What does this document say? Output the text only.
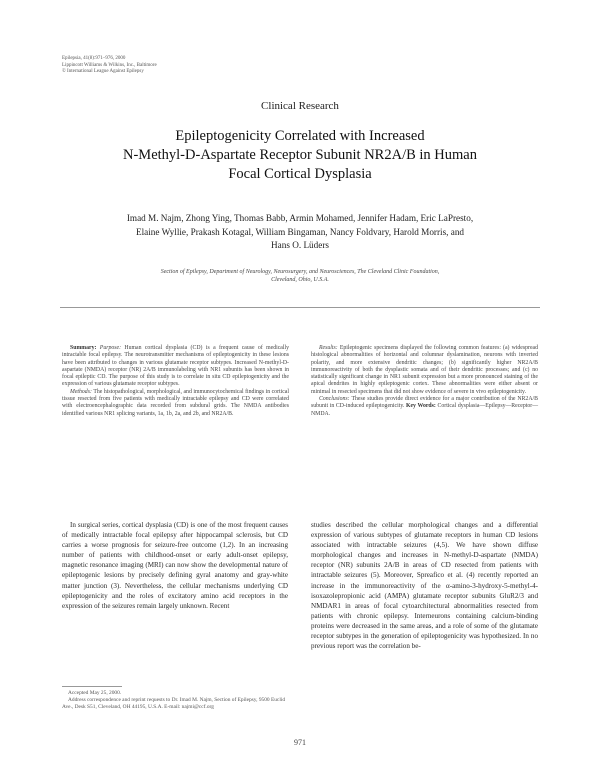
Epilepsia, 41(8):971–976, 2000
Lippincott Williams & Wilkins, Inc., Baltimore
© International League Against Epilepsy
Clinical Research
Epileptogenicity Correlated with Increased
N-Methyl-D-Aspartate Receptor Subunit NR2A/B in Human
Focal Cortical Dysplasia
Imad M. Najm, Zhong Ying, Thomas Babb, Armin Mohamed, Jennifer Hadam, Eric LaPresto,
Elaine Wyllie, Prakash Kotagal, William Bingaman, Nancy Foldvary, Harold Morris, and
Hans O. Lüders
Section of Epilepsy, Department of Neurology, Neurosurgery, and Neurosciences, The Cleveland Clinic Foundation,
Cleveland, Ohio, U.S.A.

Summary: Purpose: Human cortical dysplasia (CD) is a frequent cause of medically intractable focal epilepsy. The neurotransmitter mechanisms of epileptogenicity in these lesions have been attributed to changes in various glutamate receptor subtypes. Increased N-methyl-D-aspartate (NMDA) receptor (NR) 2A/B immunolabeling with NR1 subunits has been shown in focal epileptic CD. The purpose of this study is to correlate in situ CD epileptogenicity and the expression of various glutamate receptor subtypes.

Methods: The histopathological, morphological, and immunocytochemical findings in cortical tissue resected from five patients with medically intractable epilepsy and CD were correlated with electroencephalographic data recorded from subdural grids. The NMDA antibodies identified various NR1 splicing variants, 1a, 1b, 2a, and 2b, and NR2A/B.

Results: Epileptogenic specimens displayed the following common features: (a) widespread histological abnormalities of horizontal and columnar dyslamination, neurons with inverted polarity, and more extensive dendritic changes; (b) significantly higher NR2A/B immunoreactivity of both the dysplastic somata and of their dendritic processes; and (c) no statistically significant change in NR1 subunit expression but a more pronounced staining of the apical dendrites in highly epileptogenic cortex. These abnormalities were either absent or minimal in resected specimens that did not show evidence of severe in vivo epileptogenicity.

Conclusions: These studies provide direct evidence for a major contribution of the NR2A/B subunit in CD-induced epileptogenicity. Key Words: Cortical dysplasia—Epilepsy—Receptor—NMDA.

In surgical series, cortical dysplasia (CD) is one of the most frequent causes of medically intractable focal epilepsy after hippocampal sclerosis, but CD carries a worse prognosis for seizure-free outcome (1,2). In an increasing number of patients with childhood-onset or early adult-onset epilepsy, magnetic resonance imaging (MRI) can now show the developmental nature of epileptogenic lesions by precisely defining gyral anatomy and gray-white matter junction (3). Nevertheless, the cellular mechanisms underlying CD epileptogenicity and the roles of excitatory amino acid receptors in the expression of the seizures remain largely unknown. Recent

studies described the cellular morphological changes and a differential expression of various subtypes of glutamate receptors in human CD lesions associated with intractable seizures (4,5). We have shown diffuse morphological changes and increases in N-methyl-D-aspartate (NMDA) receptor (NR) subunits 2A/B in areas of CD resected from patients with intractable seizures (5). Moreover, Spreafico et al. (4) recently reported an increase in the immunoreactivity of the α-amino-3-hydroxy-5-methyl-4-isoxazolepropionic acid (AMPA) glutamate receptor subunits GluR2/3 and NMDAR1 in areas of focal cytoarchitectural abnormalities resected from patients with chronic epilepsy. Interneurons containing calcium-binding proteins were decreased in the same areas, and a role of some of the glutamate receptor subtypes in the generation of epileptogenicity was hypothesized. In no previous report was the correlation be-

Accepted May 25, 2000.

Address correspondence and reprint requests to Dr. Imad M. Najm, Section of Epilepsy, 9500 Euclid Ave., Desk S51, Cleveland, OH 44195, U.S.A. E-mail: najmi@ccf.org

971
